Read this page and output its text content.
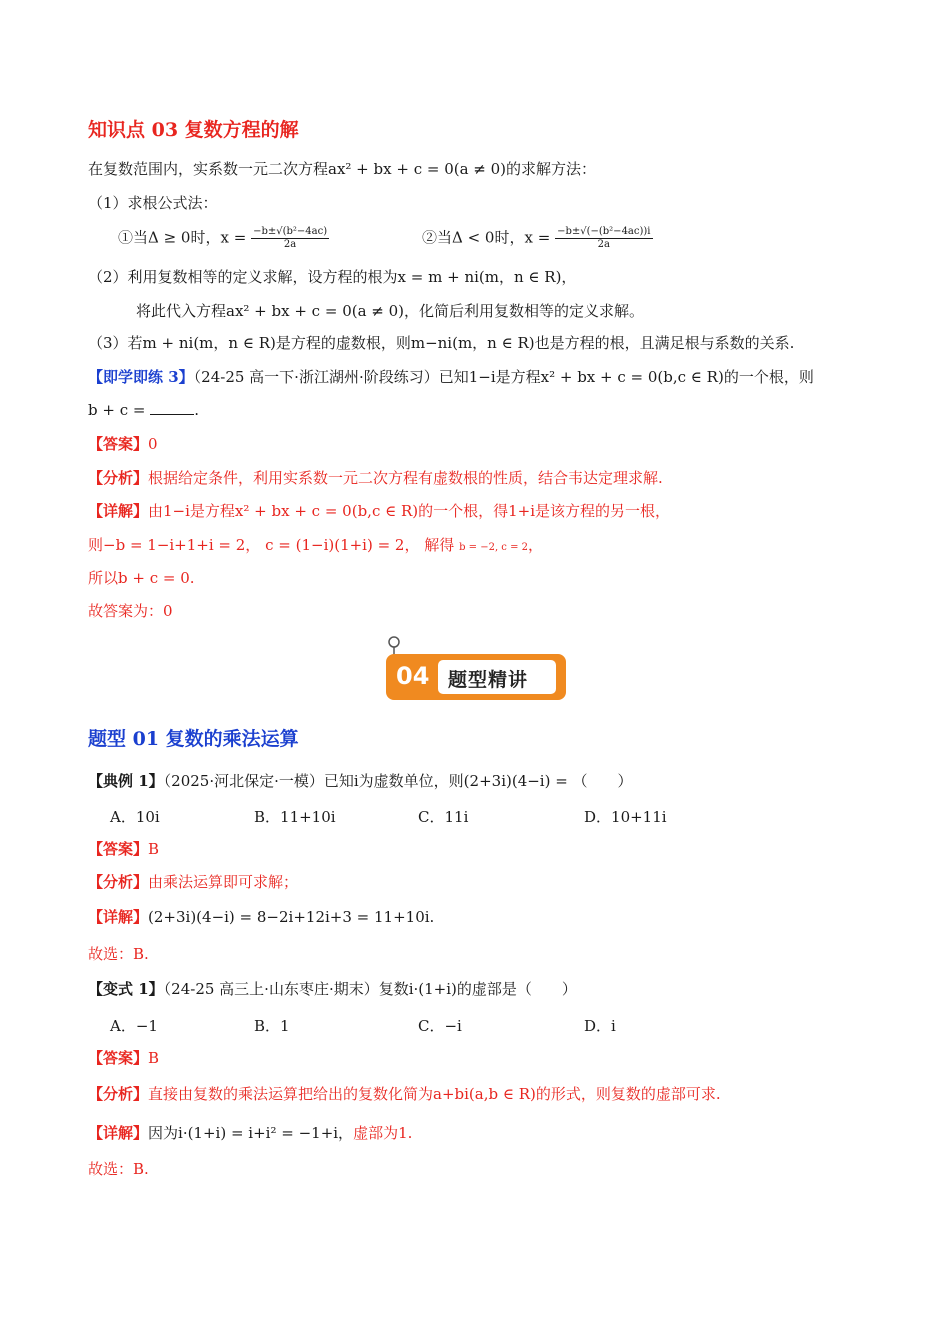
知识点 03 复数方程的解
在复数范围内，实系数一元二次方程ax² + bx + c = 0(a ≠ 0)的求解方法：
（1）求根公式法：
①当Δ ≥ 0时，$x = \frac{\text{−b±√(b²−4ac)}}{2a}$	②当Δ < 0时，$x = \frac{\text{−b±√(−(b²−4ac))i}}{2a}$
（2）利用复数相等的定义求解，设方程的根为x = m + ni(m，n ∈ R)，
将此代入方程ax² + bx + c = 0(a ≠ 0)，化简后利用复数相等的定义求解。
（3）若m + ni(m，n ∈ R)是方程的虚数根，则m−ni(m，n ∈ R)也是方程的根，且满足根与系数的关系.
【即学即练 3】（24-25 高一下·浙江湖州·阶段练习）已知1−i是方程x² + bx + c = 0(b,c ∈ R)的一个根，则
b + c =	.
【答案】0
【分析】根据给定条件，利用实系数一元二次方程有虚数根的性质，结合韦达定理求解.
【详解】由1−i是方程x² + bx + c = 0(b,c ∈ R)的一个根，得1+i是该方程的另一根，
则−b = 1−i+1+i = 2， c = (1−i)(1+i) = 2， 解得 b = −2, c = 2，
所以b + c = 0.
故答案为：0
04 题型精讲
题型 01 复数的乘法运算
【典例 1】（2025·河北保定·一模）已知i为虚数单位，则(2+3i)(4−i) = （　　）
A．10i	B．11+10i	C．11i	D．10+11i
【答案】B
【分析】由乘法运算即可求解；
【详解】(2+3i)(4−i) = 8−2i+12i+3 = 11+10i.
故选：B.
【变式 1】（24-25 高三上·山东枣庄·期末）复数i·(1+i)的虚部是（　　）
A．−1	B．1	C．−i	D．i
【答案】B
【分析】直接由复数的乘法运算把给出的复数化简为a+bi(a,b ∈ R)的形式，则复数的虚部可求.
【详解】因为i·(1+i) = i+i² = −1+i，虚部为1.
故选：B.
